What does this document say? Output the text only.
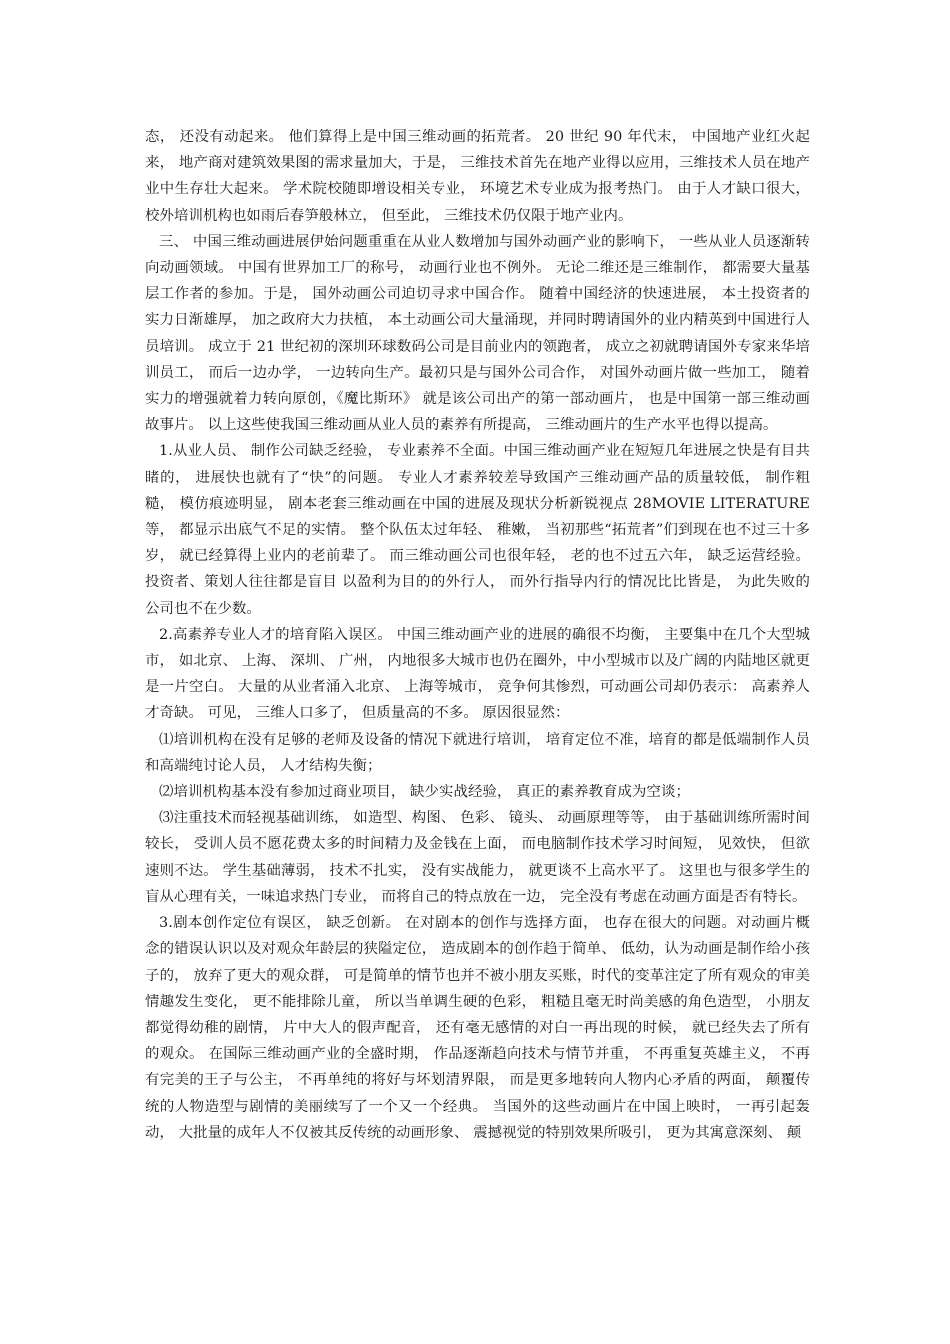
态， 还没有动起来。 他们算得上是中国三维动画的拓荒者。 20 世纪 90 年代末， 中国地产业红火起来， 地产商对建筑效果图的需求量加大，于是， 三维技术首先在地产业得以应用，三维技术人员在地产业中生存壮大起来。 学术院校随即增设相关专业， 环境艺术专业成为报考热门。 由于人才缺口很大， 校外培训机构也如雨后春笋般林立， 但至此， 三维技术仍仅限于地产业内。

三、 中国三维动画进展伊始问题重重在从业人数增加与国外动画产业的影响下， 一些从业人员逐渐转向动画领域。 中国有世界加工厂的称号， 动画行业也不例外。 无论二维还是三维制作， 都需要大量基层工作者的参加。于是， 国外动画公司迫切寻求中国合作。 随着中国经济的快速进展， 本土投资者的实力日渐雄厚， 加之政府大力扶植， 本土动画公司大量涌现，并同时聘请国外的业内精英到中国进行人员培训。 成立于 21 世纪初的深圳环球数码公司是目前业内的领跑者， 成立之初就聘请国外专家来华培训员工， 而后一边办学， 一边转向生产。最初只是与国外公司合作， 对国外动画片做一些加工， 随着实力的增强就着力转向原创，《魔比斯环》 就是该公司出产的第一部动画片， 也是中国第一部三维动画故事片。 以上这些使我国三维动画从业人员的素养有所提高， 三维动画片的生产水平也得以提高。

1.从业人员、 制作公司缺乏经验， 专业素养不全面。中国三维动画产业在短短几年进展之快是有目共睹的， 进展快也就有了“快”的问题。 专业人才素养较差导致国产三维动画产品的质量较低， 制作粗糙， 模仿痕迹明显， 剧本老套三维动画在中国的进展及现状分析新锐视点 28MOVIE LITERATURE 等， 都显示出底气不足的实情。 整个队伍太过年轻、 稚嫩， 当初那些“拓荒者”们到现在也不过三十多岁， 就已经算得上业内的老前辈了。 而三维动画公司也很年轻， 老的也不过五六年， 缺乏运营经验。 投资者、策划人往往都是盲目 以盈利为目的的外行人， 而外行指导内行的情况比比皆是， 为此失败的公司也不在少数。

2.高素养专业人才的培育陷入误区。 中国三维动画产业的进展的确很不均衡， 主要集中在几个大型城市， 如北京、 上海、 深圳、 广州， 内地很多大城市也仍在圈外，中小型城市以及广阔的内陆地区就更是一片空白。 大量的从业者涌入北京、 上海等城市， 竞争何其惨烈，可动画公司却仍表示： 高素养人才奇缺。 可见， 三维人口多了， 但质量高的不多。 原因很显然：

⑴培训机构在没有足够的老师及设备的情况下就进行培训， 培育定位不准，培育的都是低端制作人员和高端纯讨论人员， 人才结构失衡；

⑵培训机构基本没有参加过商业项目， 缺少实战经验， 真正的素养教育成为空谈；

⑶注重技术而轻视基础训练， 如造型、构图、 色彩、 镜头、 动画原理等等， 由于基础训练所需时间较长， 受训人员不愿花费太多的时间精力及金钱在上面， 而电脑制作技术学习时间短， 见效快， 但欲速则不达。 学生基础薄弱， 技术不扎实， 没有实战能力， 就更谈不上高水平了。 这里也与很多学生的盲从心理有关，一味追求热门专业， 而将自己的特点放在一边， 完全没有考虑在动画方面是否有特长。

3.剧本创作定位有误区， 缺乏创新。 在对剧本的创作与选择方面， 也存在很大的问题。对动画片概念的错误认识以及对观众年龄层的狭隘定位， 造成剧本的创作趋于简单、 低幼，认为动画是制作给小孩子的， 放弃了更大的观众群， 可是简单的情节也并不被小朋友买账，时代的变革注定了所有观众的审美情趣发生变化， 更不能排除儿童， 所以当单调生硬的色彩， 粗糙且毫无时尚美感的角色造型， 小朋友都觉得幼稚的剧情， 片中大人的假声配音， 还有毫无感情的对白一再出现的时候， 就已经失去了所有的观众。 在国际三维动画产业的全盛时期， 作品逐渐趋向技术与情节并重， 不再重复英雄主义， 不再有完美的王子与公主， 不再单纯的将好与坏划清界限， 而是更多地转向人物内心矛盾的两面， 颠覆传统的人物造型与剧情的美丽续写了一个又一个经典。 当国外的这些动画片在中国上映时， 一再引起轰动， 大批量的成年人不仅被其反传统的动画形象、 震撼视觉的特别效果所吸引， 更为其寓意深刻、 颠
